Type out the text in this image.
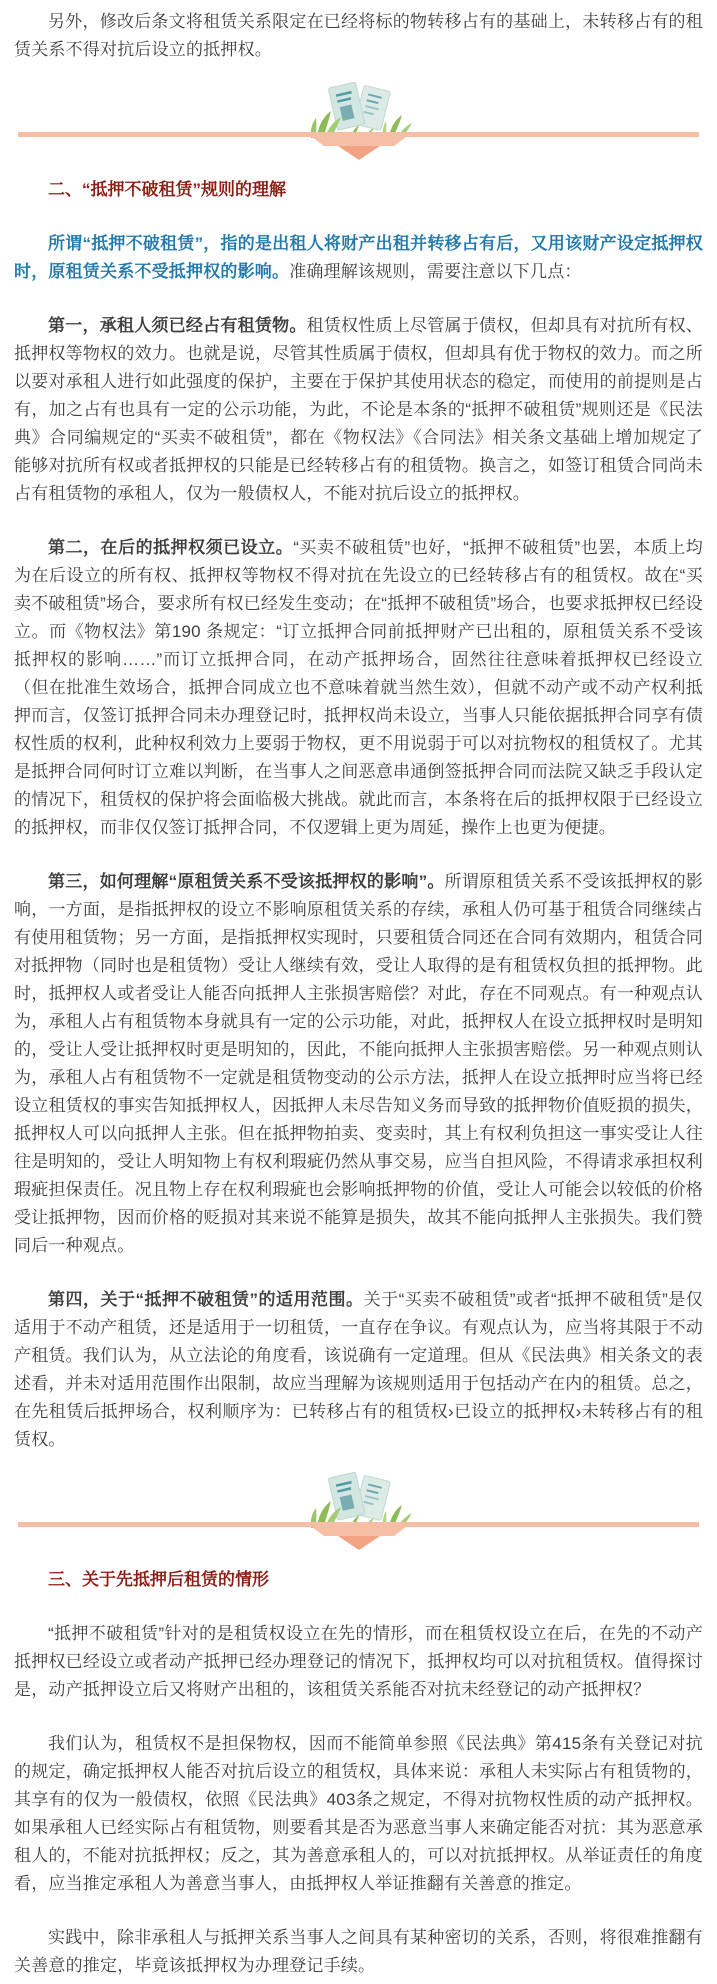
另外，修改后条文将租赁关系限定在已经将标的物转移占有的基础上，未转移占有的租赁关系不得对抗后设立的抵押权。

二、“抵押不破租赁”规则的理解

所谓“抵押不破租赁”，指的是出租人将财产出租并转移占有后，又用该财产设定抵押权时，原租赁关系不受抵押权的影响。准确理解该规则，需要注意以下几点：

第一，承租人须已经占有租赁物。租赁权性质上尽管属于债权，但却具有对抗所有权、抵押权等物权的效力。也就是说，尽管其性质属于债权，但却具有优于物权的效力。而之所以要对承租人进行如此强度的保护，主要在于保护其使用状态的稳定，而使用的前提则是占有，加之占有也具有一定的公示功能，为此，不论是本条的“抵押不破租赁”规则还是《民法典》合同编规定的“买卖不破租赁”，都在《物权法》《合同法》相关条文基础上增加规定了能够对抗所有权或者抵押权的只能是已经转移占有的租赁物。换言之，如签订租赁合同尚未占有租赁物的承租人，仅为一般债权人，不能对抗后设立的抵押权。

第二，在后的抵押权须已设立。“买卖不破租赁”也好，“抵押不破租赁”也罢，本质上均为在后设立的所有权、抵押权等物权不得对抗在先设立的已经转移占有的租赁权。故在“买卖不破租赁”场合，要求所有权已经发生变动；在“抵押不破租赁”场合，也要求抵押权已经设立。而《物权法》第190 条规定：“订立抵押合同前抵押财产已出租的，原租赁关系不受该抵押权的影响……”而订立抵押合同，在动产抵押场合，固然往往意味着抵押权已经设立（但在批准生效场合，抵押合同成立也不意味着就当然生效），但就不动产或不动产权利抵押而言，仅签订抵押合同未办理登记时，抵押权尚未设立，当事人只能依据抵押合同享有债权性质的权利，此种权利效力上要弱于物权，更不用说弱于可以对抗物权的租赁权了。尤其是抵押合同何时订立难以判断，在当事人之间恶意串通倒签抵押合同而法院又缺乏手段认定的情况下，租赁权的保护将会面临极大挑战。就此而言，本条将在后的抵押权限于已经设立的抵押权，而非仅仅签订抵押合同，不仅逻辑上更为周延，操作上也更为便捷。

第三，如何理解“原租赁关系不受该抵押权的影响”。所谓原租赁关系不受该抵押权的影响，一方面，是指抵押权的设立不影响原租赁关系的存续，承租人仍可基于租赁合同继续占有使用租赁物；另一方面，是指抵押权实现时，只要租赁合同还在合同有效期内，租赁合同对抵押物（同时也是租赁物）受让人继续有效，受让人取得的是有租赁权负担的抵押物。此时，抵押权人或者受让人能否向抵押人主张损害赔偿？对此，存在不同观点。有一种观点认为，承租人占有租赁物本身就具有一定的公示功能，对此，抵押权人在设立抵押权时是明知的，受让人受让抵押权时更是明知的，因此，不能向抵押人主张损害赔偿。另一种观点则认为，承租人占有租赁物不一定就是租赁物变动的公示方法，抵押人在设立抵押时应当将已经设立租赁权的事实告知抵押权人，因抵押人未尽告知义务而导致的抵押物价值贬损的损失，抵押权人可以向抵押人主张。但在抵押物拍卖、变卖时，其上有权利负担这一事实受让人往往是明知的，受让人明知物上有权利瑕疵仍然从事交易，应当自担风险，不得请求承担权利瑕疵担保责任。况且物上存在权利瑕疵也会影响抵押物的价值，受让人可能会以较低的价格受让抵押物，因而价格的贬损对其来说不能算是损失，故其不能向抵押人主张损失。我们赞同后一种观点。

第四，关于“抵押不破租赁”的适用范围。关于“买卖不破租赁”或者“抵押不破租赁”是仅适用于不动产租赁，还是适用于一切租赁，一直存在争议。有观点认为，应当将其限于不动产租赁。我们认为，从立法论的角度看，该说确有一定道理。但从《民法典》相关条文的表述看，并未对适用范围作出限制，故应当理解为该规则适用于包括动产在内的租赁。总之，在先租赁后抵押场合，权利顺序为：已转移占有的租赁权›已设立的抵押权›未转移占有的租赁权。

三、关于先抵押后租赁的情形

“抵押不破租赁”针对的是租赁权设立在先的情形，而在租赁权设立在后，在先的不动产抵押权已经设立或者动产抵押已经办理登记的情况下，抵押权均可以对抗租赁权。值得探讨是，动产抵押设立后又将财产出租的，该租赁关系能否对抗未经登记的动产抵押权？

我们认为，租赁权不是担保物权，因而不能简单参照《民法典》第415条有关登记对抗的规定，确定抵押权人能否对抗后设立的租赁权，具体来说：承租人未实际占有租赁物的，其享有的仅为一般债权，依照《民法典》403条之规定，不得对抗物权性质的动产抵押权。如果承租人已经实际占有租赁物，则要看其是否为恶意当事人来确定能否对抗：其为恶意承租人的，不能对抗抵押权；反之，其为善意承租人的，可以对抗抵押权。从举证责任的角度看，应当推定承租人为善意当事人，由抵押权人举证推翻有关善意的推定。

实践中，除非承租人与抵押关系当事人之间具有某种密切的关系，否则，将很难推翻有关善意的推定，毕竟该抵押权为办理登记手续。
